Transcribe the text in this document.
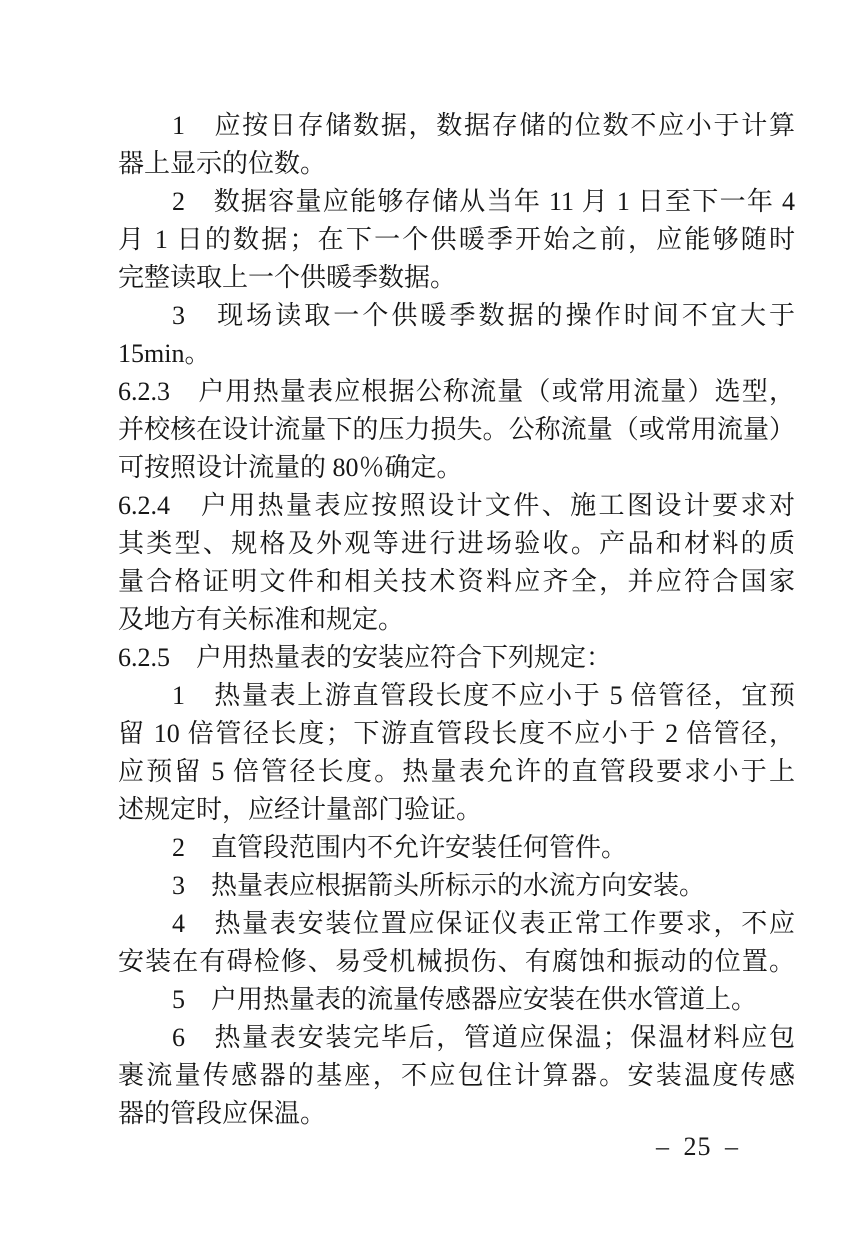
1　应按日存储数据，数据存储的位数不应小于计算
器上显示的位数。
2　数据容量应能够存储从当年 11 月 1 日至下一年 4
月 1 日的数据；在下一个供暖季开始之前，应能够随时
完整读取上一个供暖季数据。
3　现场读取一个供暖季数据的操作时间不宜大于
15min。
6.2.3　户用热量表应根据公称流量（或常用流量）选型，
并校核在设计流量下的压力损失。公称流量（或常用流量）
可按照设计流量的 80％确定。
6.2.4　户用热量表应按照设计文件、施工图设计要求对
其类型、规格及外观等进行进场验收。产品和材料的质
量合格证明文件和相关技术资料应齐全，并应符合国家
及地方有关标准和规定。
6.2.5　户用热量表的安装应符合下列规定：
1　热量表上游直管段长度不应小于 5 倍管径，宜预
留 10 倍管径长度；下游直管段长度不应小于 2 倍管径，
应预留 5 倍管径长度。热量表允许的直管段要求小于上
述规定时，应经计量部门验证。
2　直管段范围内不允许安装任何管件。
3　热量表应根据箭头所标示的水流方向安装。
4　热量表安装位置应保证仪表正常工作要求，不应
安装在有碍检修、易受机械损伤、有腐蚀和振动的位置。
5　户用热量表的流量传感器应安装在供水管道上。
6　热量表安装完毕后，管道应保温；保温材料应包
裹流量传感器的基座，不应包住计算器。安装温度传感
器的管段应保温。
– 25 –
